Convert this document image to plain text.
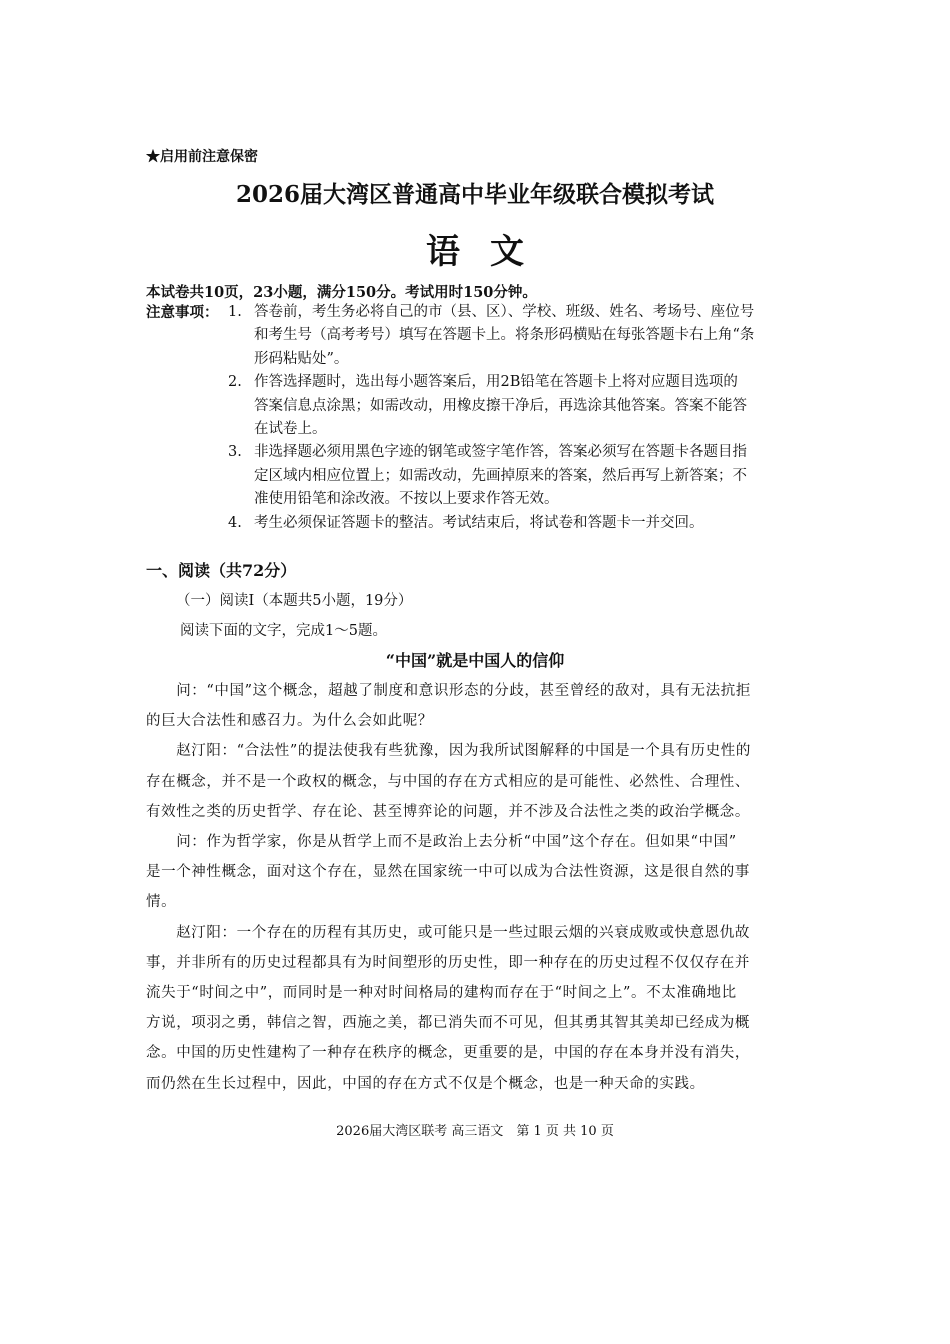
★启用前注意保密
2026届大湾区普通高中毕业年级联合模拟考试
语文
本试卷共10页，23小题，满分150分。考试用时150分钟。
注意事项： 1. 答卷前，考生务必将自己的市（县、区）、学校、班级、姓名、考场号、座位号
和考生号（高考考号）填写在答题卡上。将条形码横贴在每张答题卡右上角“条
形码粘贴处”。
2. 作答选择题时，选出每小题答案后，用2B铅笔在答题卡上将对应题目选项的
答案信息点涂黑；如需改动，用橡皮擦干净后，再选涂其他答案。答案不能答
在试卷上。
3. 非选择题必须用黑色字迹的钢笔或签字笔作答，答案必须写在答题卡各题目指
定区域内相应位置上；如需改动，先画掉原来的答案，然后再写上新答案；不
准使用铅笔和涂改液。不按以上要求作答无效。
4. 考生必须保证答题卡的整洁。考试结束后，将试卷和答题卡一并交回。
一、阅读（共72分）
（一）阅读I（本题共5小题，19分）
阅读下面的文字，完成1～5题。
“中国”就是中国人的信仰
　　问：“中国”这个概念，超越了制度和意识形态的分歧，甚至曾经的敌对，具有无法抗拒
的巨大合法性和感召力。为什么会如此呢？
　　赵汀阳：“合法性”的提法使我有些犹豫，因为我所试图解释的中国是一个具有历史性的
存在概念，并不是一个政权的概念，与中国的存在方式相应的是可能性、必然性、合理性、
有效性之类的历史哲学、存在论、甚至博弈论的问题，并不涉及合法性之类的政治学概念。
　　问：作为哲学家，你是从哲学上而不是政治上去分析“中国”这个存在。但如果“中国”
是一个神性概念，面对这个存在，显然在国家统一中可以成为合法性资源，这是很自然的事
情。
　　赵汀阳：一个存在的历程有其历史，或可能只是一些过眼云烟的兴衰成败或快意恩仇故
事，并非所有的历史过程都具有为时间塑形的历史性，即一种存在的历史过程不仅仅存在并
流失于“时间之中”，而同时是一种对时间格局的建构而存在于“时间之上”。不太准确地比
方说，项羽之勇，韩信之智，西施之美，都已消失而不可见，但其勇其智其美却已经成为概
念。中国的历史性建构了一种存在秩序的概念，更重要的是，中国的存在本身并没有消失，
而仍然在生长过程中，因此，中国的存在方式不仅是个概念，也是一种天命的实践。
2026届大湾区联考 高三语文　第 1 页 共 10 页
